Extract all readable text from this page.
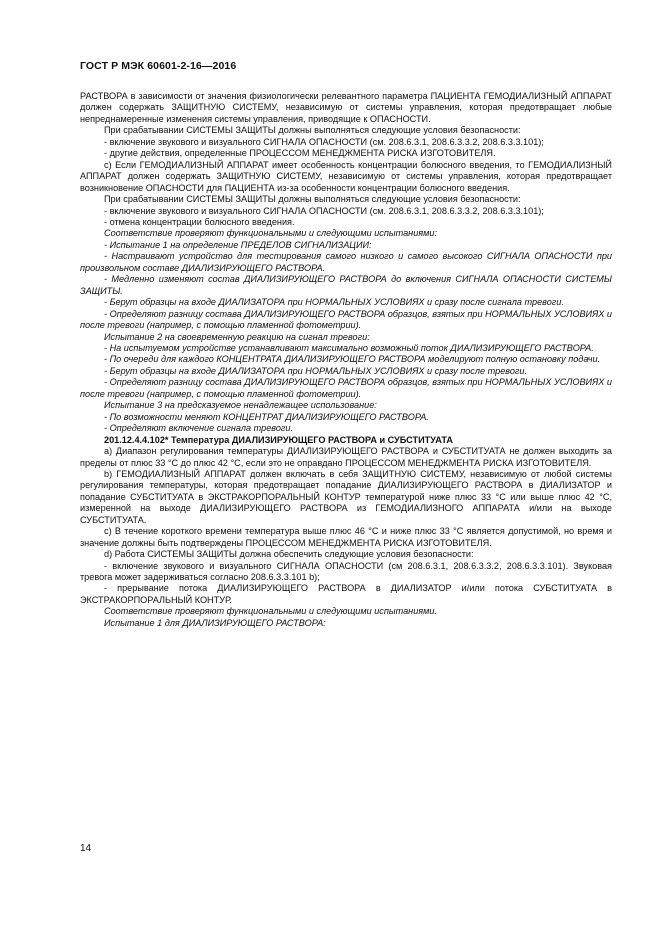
ГОСТ Р МЭК 60601-2-16—2016

РАСТВОРА в зависимости от значения физиологически релевантного параметра ПАЦИЕНТА ГЕМОДИАЛИЗНЫЙ АППАРАТ должен содержать ЗАЩИТНУЮ СИСТЕМУ, независимую от системы управления, которая предотвращает любые непреднамеренные изменения системы управления, приводящие к ОПАСНОСТИ.

При срабатывании СИСТЕМЫ ЗАЩИТЫ должны выполняться следующие условия безопасности:

- включение звукового и визуального СИГНАЛА ОПАСНОСТИ (см. 208.6.3.1, 208.6.3.3.2, 208.6.3.3.101);

- другие действия, определенные ПРОЦЕССОМ МЕНЕДЖМЕНТА РИСКА ИЗГОТОВИТЕЛЯ.

с) Если ГЕМОДИАЛИЗНЫЙ АППАРАТ имеет особенность концентрации болюсного введения, то ГЕМОДИАЛИЗНЫЙ АППАРАТ должен содержать ЗАЩИТНУЮ СИСТЕМУ, независимую от системы управления, которая предотвращает возникновение ОПАСНОСТИ для ПАЦИЕНТА из-за особенности концентрации болюсного введения.

При срабатывании СИСТЕМЫ ЗАЩИТЫ должны выполняться следующие условия безопасности:

- включение звукового и визуального СИГНАЛА ОПАСНОСТИ (см. 208.6.3.1, 208.6.3.3.2, 208.6.3.3.101);

- отмена концентрации болюсного введения.

Соответствие проверяют функциональными и следующими испытаниями:

- Испытание 1 на определение ПРЕДЕЛОВ СИГНАЛИЗАЦИИ:

- Настраивают устройство для тестирования самого низкого и самого высокого СИГНАЛА ОПАСНОСТИ при произвольном составе ДИАЛИЗИРУЮЩЕГО РАСТВОРА.

- Медленно изменяют состав ДИАЛИЗИРУЮЩЕГО РАСТВОРА до включения СИГНАЛА ОПАСНОСТИ СИСТЕМЫ ЗАЩИТЫ.

- Берут образцы на входе ДИАЛИЗАТОРА при НОРМАЛЬНЫХ УСЛОВИЯХ и сразу после сигнала тревоги.

- Определяют разницу состава ДИАЛИЗИРУЮЩЕГО РАСТВОРА образцов, взятых при НОРМАЛЬНЫХ УСЛОВИЯХ и после тревоги (например, с помощью пламенной фотометрии).

Испытание 2 на своевременную реакцию на сигнал тревоги:

- На испытуемом устройстве устанавливают максимально возможный поток ДИАЛИЗИРУЮЩЕГО РАСТВОРА.

- По очереди для каждого КОНЦЕНТРАТА ДИАЛИЗИРУЮЩЕГО РАСТВОРА моделируют полную остановку подачи.

- Берут образцы на входе ДИАЛИЗАТОРА при НОРМАЛЬНЫХ УСЛОВИЯХ и сразу после тревоги.

- Определяют разницу состава ДИАЛИЗИРУЮЩЕГО РАСТВОРА образцов, взятых при НОРМАЛЬНЫХ УСЛОВИЯХ и после тревоги (например, с помощью пламенной фотометрии).

Испытание 3 на предсказуемое ненадлежащее использование:

- По возможности меняют КОНЦЕНТРАТ ДИАЛИЗИРУЮЩЕГО РАСТВОРА.

- Определяют включение сигнала тревоги.

201.12.4.4.102* Температура ДИАЛИЗИРУЮЩЕГО РАСТВОРА и СУБСТИТУАТА

а) Диапазон регулирования температуры ДИАЛИЗИРУЮЩЕГО РАСТВОРА и СУБСТИТУАТА не должен выходить за пределы от плюс 33 °С до плюс 42 °С, если это не оправдано ПРОЦЕССОМ МЕНЕДЖМЕНТА РИСКА ИЗГОТОВИТЕЛЯ.

b) ГЕМОДИАЛИЗНЫЙ АППАРАТ должен включать в себя ЗАЩИТНУЮ СИСТЕМУ, независимую от любой системы регулирования температуры, которая предотвращает попадание ДИАЛИЗИРУЮЩЕГО РАСТВОРА в ДИАЛИЗАТОР и попадание СУБСТИТУАТА в ЭКСТРАКОРПОРАЛЬНЫЙ КОНТУР температурой ниже плюс 33 °С или выше плюс 42 °С, измеренной на выходе ДИАЛИЗИРУЮЩЕГО РАСТВОРА из ГЕМОДИАЛИЗНОГО АППАРАТА и/или на выходе СУБСТИТУАТА.

с) В течение короткого времени температура выше плюс 46 °С и ниже плюс 33 °С является допустимой, но время и значение должны быть подтверждены ПРОЦЕССОМ МЕНЕДЖМЕНТА РИСКА ИЗГОТОВИТЕЛЯ.

d) Работа СИСТЕМЫ ЗАЩИТЫ должна обеспечить следующие условия безопасности:

- включение звукового и визуального СИГНАЛА ОПАСНОСТИ (см 208.6.3.1, 208.6.3.3.2, 208.6.3.3.101). Звуковая тревога может задерживаться согласно 208.6.3.3.101 b);

- прерывание потока ДИАЛИЗИРУЮЩЕГО РАСТВОРА в ДИАЛИЗАТОР и/или потока СУБСТИТУАТА в ЭКСТРАКОРПОРАЛЬНЫЙ КОНТУР.

Соответствие проверяют функциональными и следующими испытаниями.

Испытание 1 для ДИАЛИЗИРУЮЩЕГО РАСТВОРА:

14
